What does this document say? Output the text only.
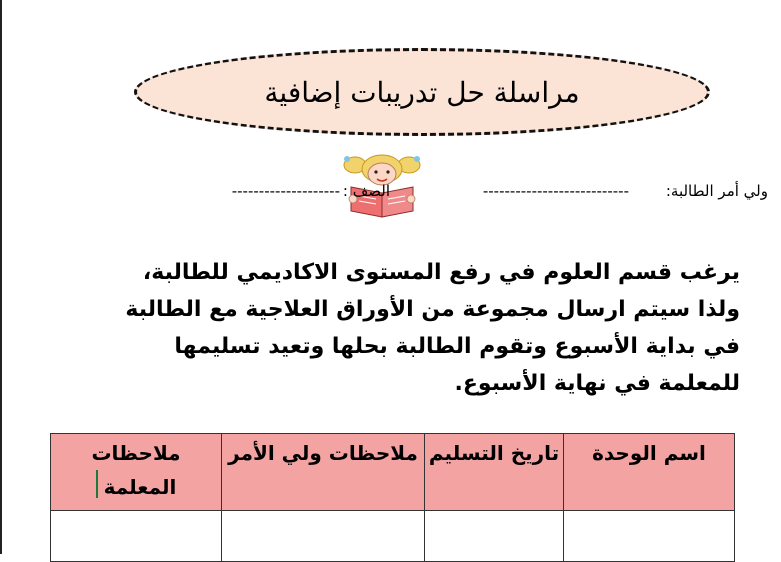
مراسلة حل تدريبات إضافية
ولي أمر الطالبة:
---------------------------
الصف :
--------------------
يرغب قسم العلوم في رفع المستوى الاكاديمي للطالبة، ولذا سيتم ارسال مجموعة من الأوراق العلاجية مع الطالبة في بداية الأسبوع وتقوم الطالبة بحلها وتعيد تسليمها للمعلمة في نهاية الأسبوع.
اسم الوحدة	تاريخ التسليم	ملاحظات ولي الأمر	ملاحظات المعلمة
